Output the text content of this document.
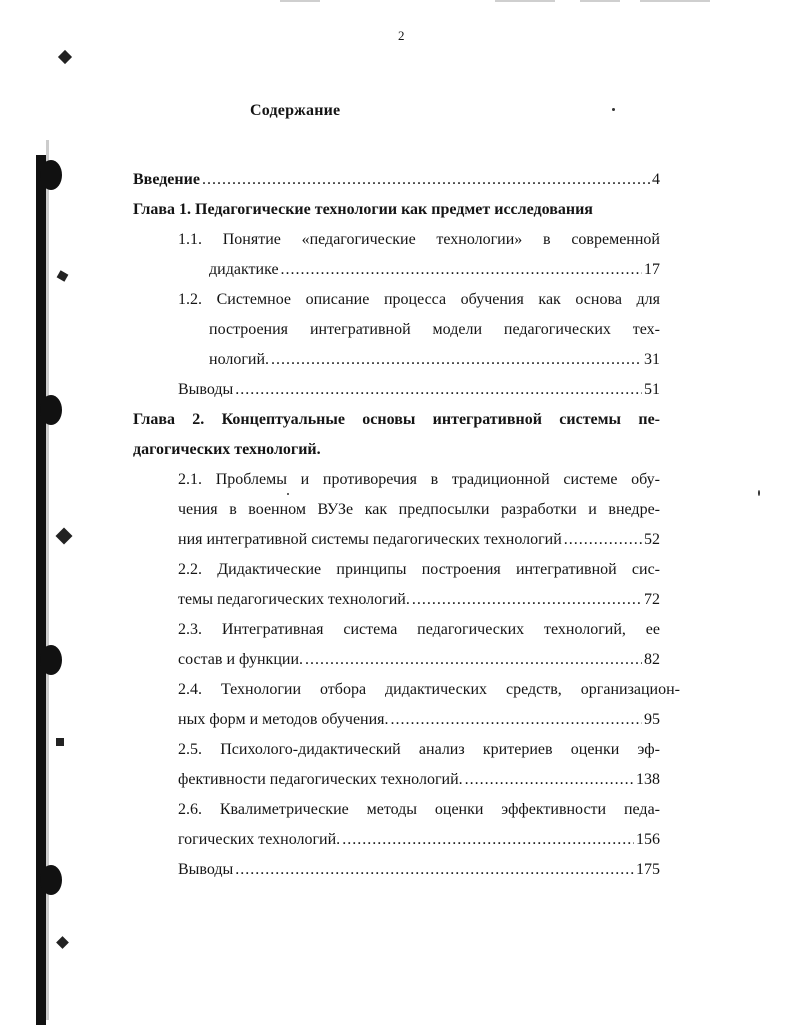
2
Содержание
Введение .....	4
Глава 1. Педагогические технологии как предмет исследования
1.1. Понятие «педагогические технологии» в современной
дидактике .....	17
1.2. Системное описание процесса обучения как основа для
построения интегративной модели педагогических тех-
нологий. .....	31
Выводы .....	51
Глава 2. Концептуальные основы интегративной системы пе-
дагогических технологий.
2.1. Проблемы и противоречия в традиционной системе обу-
чения в военном ВУЗе как предпосылки разработки и внедре-
ния интегративной системы педагогических технологий .....	52
2.2. Дидактические принципы построения интегративной сис-
темы педагогических технологий. .....	72
2.3. Интегративная система педагогических технологий, ее
состав и функции. .....	82
2.4. Технологии отбора дидактических средств, организацион-
ных форм и методов обучения. .....	95
2.5. Психолого-дидактический анализ критериев оценки эф-
фективности педагогических технологий. .....	138
2.6. Квалиметрические методы оценки эффективности педа-
гогических технологий. .....	156
Выводы .....	175
